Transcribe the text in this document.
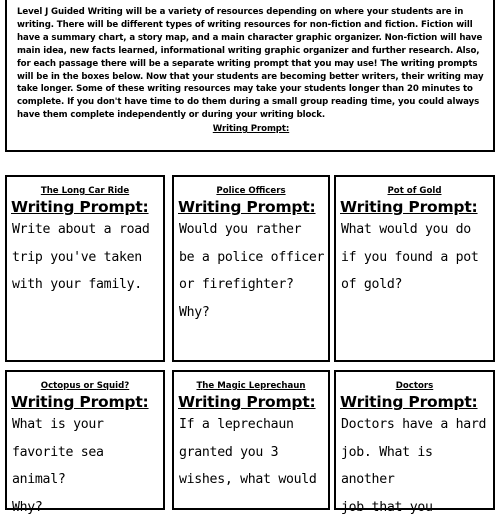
Level J Guided Writing will be a variety of resources depending on where your students are in writing. There will be different types of writing resources for non-fiction and fiction. Fiction will have a summary chart, a story map, and a main character graphic organizer. Non-fiction will have main idea, new facts learned, informational writing graphic organizer and further research. Also, for each passage there will be a separate writing prompt that you may use! The writing prompts will be in the boxes below. Now that your students are becoming better writers, their writing may take longer. Some of these writing resources may take your students longer than 20 minutes to complete. If you don't have time to do them during a small group reading time, you could always have them complete independently or during your writing block.

Writing Prompt:
The Long Car Ride
Writing Prompt:
Write about a road
trip you've taken
with your family.
Police Officers
Writing Prompt:
Would you rather
be a police officer
or firefighter?
Why?
Pot of Gold
Writing Prompt:
What would you do
if you found a pot
of gold?
Octopus or Squid?
Writing Prompt:
What is your
favorite sea animal?
Why?
The Magic Leprechaun
Writing Prompt:
If a leprechaun
granted you 3
wishes, what would
Doctors
Writing Prompt:
Doctors have a hard
job. What is another
job that you
